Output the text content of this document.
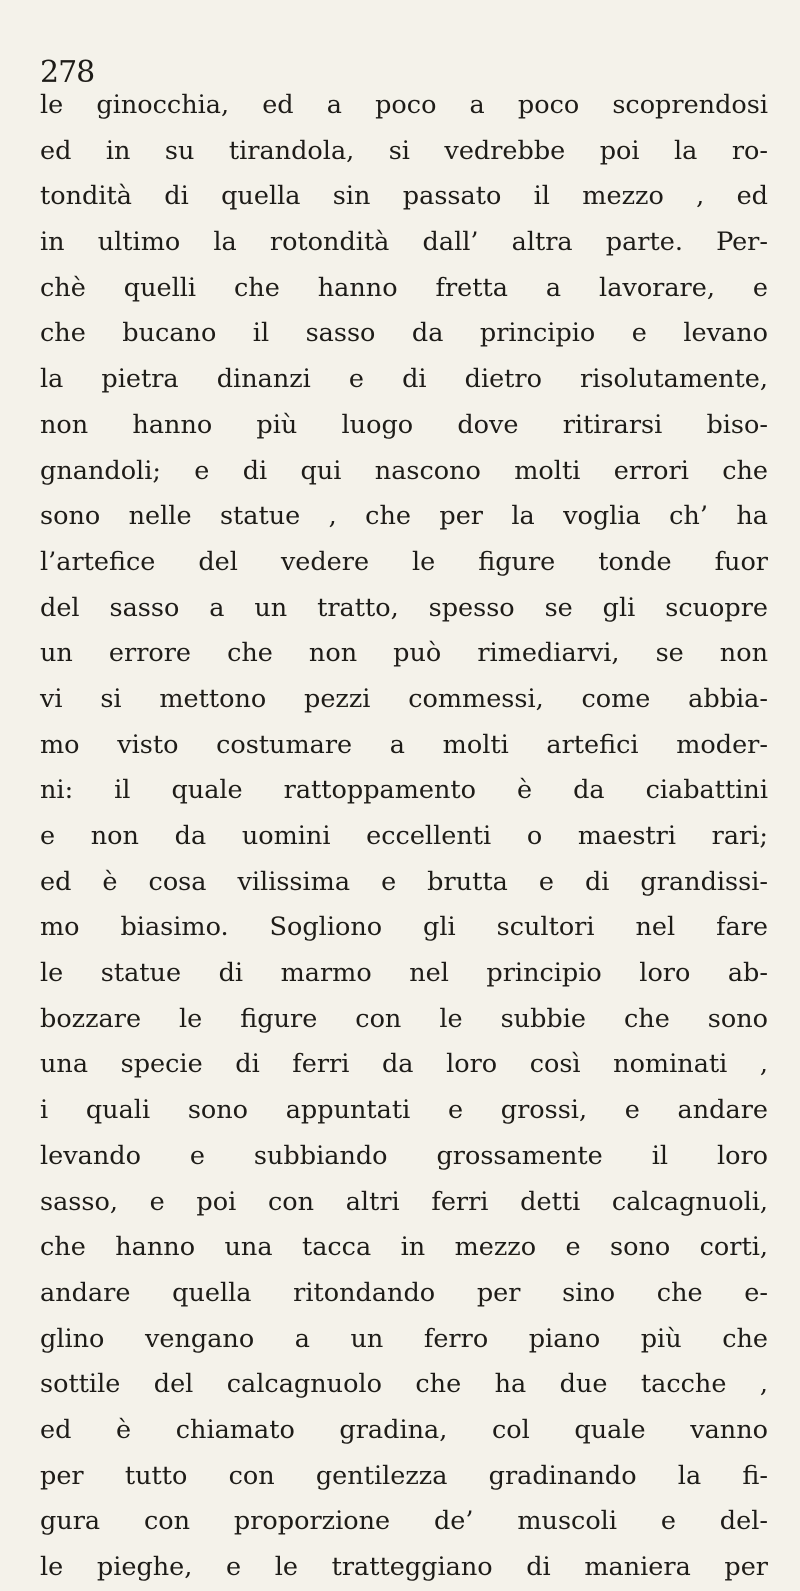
278
le ginocchia, ed a poco a poco scoprendosi
ed in su tirandola, si vedrebbe poi la ro-
tondità di quella sin passato il mezzo , ed
in ultimo la rotondità dall’ altra parte. Per-
chè quelli che hanno fretta a lavorare, e
che bucano il sasso da principio e levano
la pietra dinanzi e di dietro risolutamente,
non hanno più luogo dove ritirarsi biso-
gnandoli; e di qui nascono molti errori che
sono nelle statue , che per la voglia ch’ ha
l’artefice del vedere le figure tonde fuor
del sasso a un tratto, spesso se gli scuopre
un errore che non può rimediarvi, se non
vi si mettono pezzi commessi, come abbia-
mo visto costumare a molti artefici moder-
ni: il quale rattoppamento è da ciabattini
e non da uomini eccellenti o maestri rari;
ed è cosa vilissima e brutta e di grandissi-
mo biasimo. Sogliono gli scultori nel fare
le statue di marmo nel principio loro ab-
bozzare le figure con le subbie che sono
una specie di ferri da loro così nominati ,
i quali sono appuntati e grossi, e andare
levando e subbiando grossamente il loro
sasso, e poi con altri ferri detti calcagnuoli,
che hanno una tacca in mezzo e sono corti,
andare quella ritondando per sino che e-
glino vengano a un ferro piano più che
sottile del calcagnuolo che ha due tacche ,
ed è chiamato gradina, col quale vanno
per tutto con gentilezza gradinando la fi-
gura con proporzione de’ muscoli e del-
le pieghe, e le tratteggiano di maniera per
